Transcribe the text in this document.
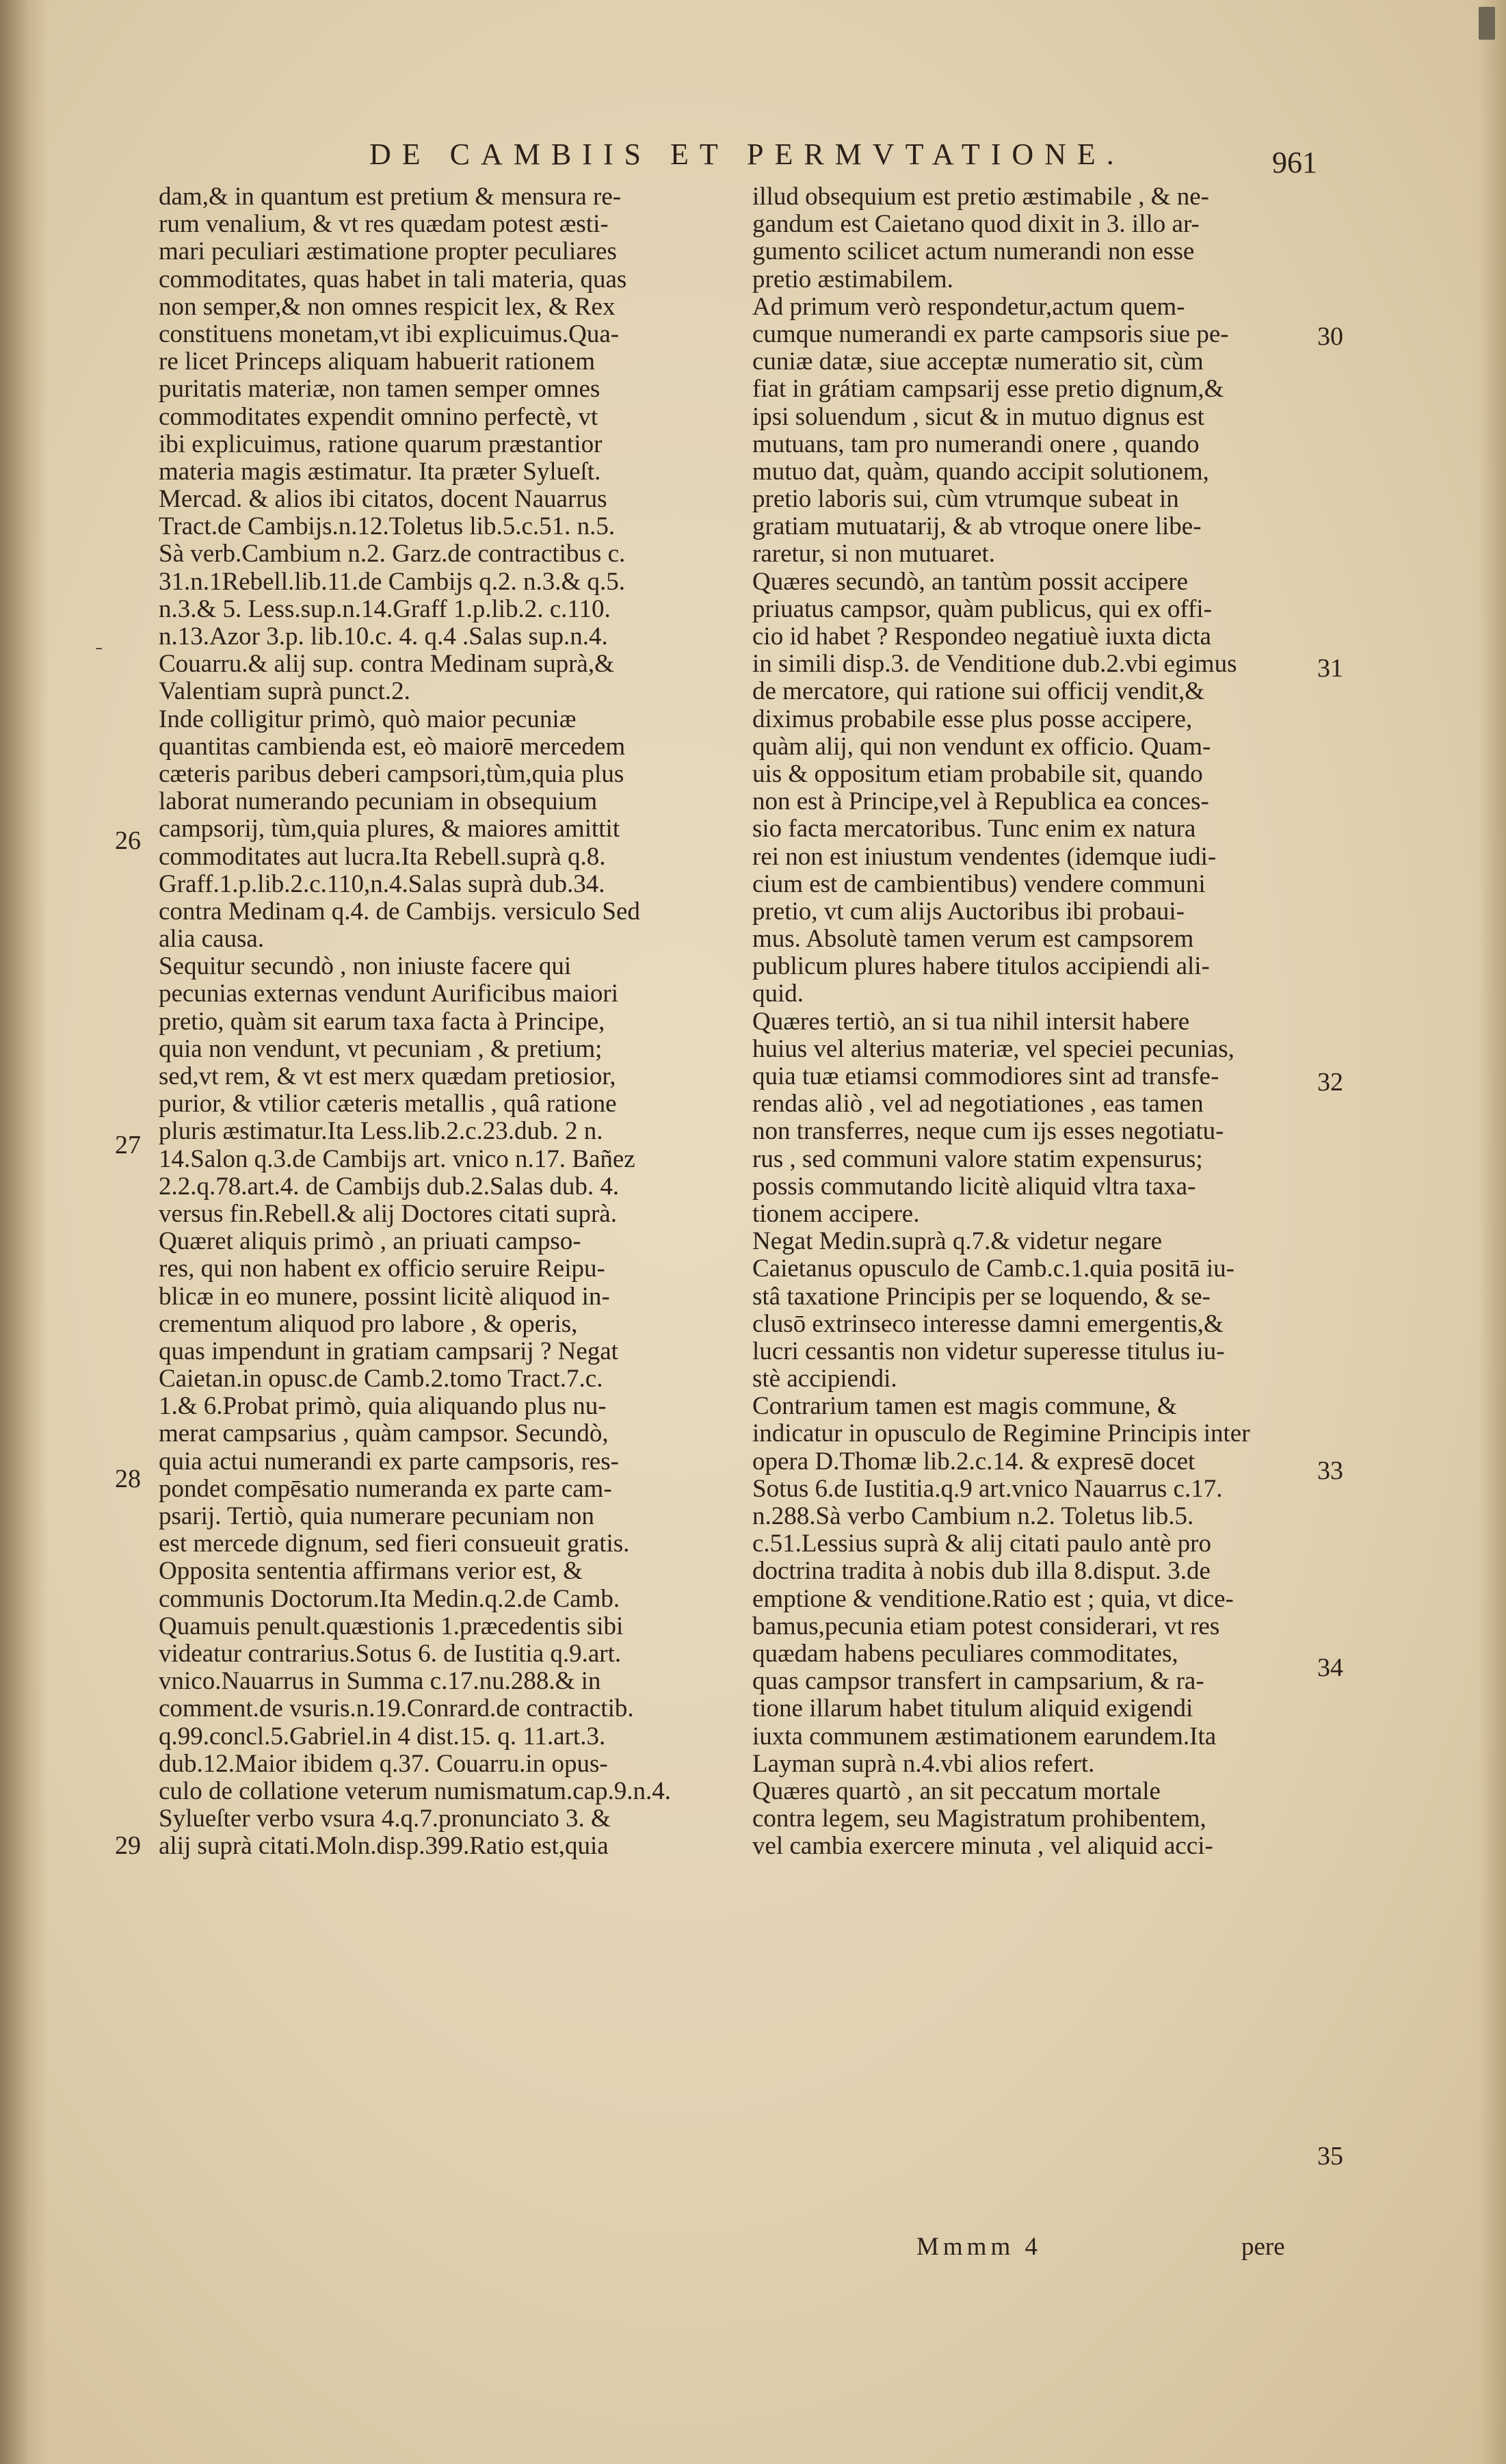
DE CAMBIIS ET PERMVTATIONE.	961
ˍ
dam,& in quantum est pretium & mensura re-
rum venalium, & vt res quædam potest æsti-
mari peculiari æstimatione propter peculiares
commoditates, quas habet in tali materia, quas
non semper,& non omnes respicit lex, & Rex
constituens monetam,vt ibi explicuimus.Qua-
re licet Princeps aliquam habuerit rationem
puritatis materiæ, non tamen semper omnes
commoditates expendit omnino perfectè, vt
ibi explicuimus, ratione quarum præstantior
materia magis æstimatur. Ita præter Sylueſt.
Mercad. & alios ibi citatos, docent Nauarrus
Tract.de Cambijs.n.12.Toletus lib.5.c.51. n.5.
Sà verb.Cambium n.2. Garz.de contractibus c.
31.n.1Rebell.lib.11.de Cambijs q.2. n.3.& q.5.
n.3.& 5. Less.sup.n.14.Graff 1.p.lib.2. c.110.
n.13.Azor 3.p. lib.10.c. 4. q.4 .Salas sup.n.4.
Couarru.& alij sup. contra Medinam suprà,&
Valentiam suprà punct.2.
Inde colligitur primò, quò maior pecuniæ
quantitas cambienda est, eò maiorē mercedem
cæteris paribus deberi campsori,tùm,quia plus
laborat numerando pecuniam in obsequium
campsorij, tùm,quia plures, & maiores amittit
commoditates aut lucra.Ita Rebell.suprà q.8.
Graff.1.p.lib.2.c.110,n.4.Salas suprà dub.34.
contra Medinam q.4. de Cambijs. versiculo Sed
alia causa.
Sequitur secundò , non iniuste facere qui
pecunias externas vendunt Aurificibus maiori
pretio, quàm sit earum taxa facta à Principe,
quia non vendunt, vt pecuniam , & pretium;
sed,vt rem, & vt est merx quædam pretiosior,
purior, & vtilior cæteris metallis , quâ ratione
pluris æstimatur.Ita Less.lib.2.c.23.dub. 2 n.
14.Salon q.3.de Cambijs art. vnico n.17. Bañez
2.2.q.78.art.4. de Cambijs dub.2.Salas dub. 4.
versus fin.Rebell.& alij Doctores citati suprà.
Quæret aliquis primò , an priuati campso-
res, qui non habent ex officio seruire Reipu-
blicæ in eo munere, possint licitè aliquod in-
crementum aliquod pro labore , & operis,
quas impendunt in gratiam campsarij ? Negat
Caietan.in opusc.de Camb.2.tomo Tract.7.c.
1.& 6.Probat primò, quia aliquando plus nu-
merat campsarius , quàm campsor. Secundò,
quia actui numerandi ex parte campsoris, res-
pondet compēsatio numeranda ex parte cam-
psarij. Tertiò, quia numerare pecuniam non
est mercede dignum, sed fieri consueuit gratis.
Opposita sententia affirmans verior est, &
communis Doctorum.Ita Medin.q.2.de Camb.
Quamuis penult.quæstionis 1.præcedentis sibi
videatur contrarius.Sotus 6. de Iustitia q.9.art.
vnico.Nauarrus in Summa c.17.nu.288.& in
comment.de vsuris.n.19.Conrard.de contractib.
q.99.concl.5.Gabriel.in 4 dist.15. q. 11.art.3.
dub.12.Maior ibidem q.37. Couarru.in opus-
culo de collatione veterum numismatum.cap.9.n.4.
Sylueſter verbo vsura 4.q.7.pronunciato 3. &
alij suprà citati.Moln.disp.399.Ratio est,quia
illud obsequium est pretio æstimabile , & ne-
gandum est Caietano quod dixit in 3. illo ar-
gumento scilicet actum numerandi non esse
pretio æstimabilem.
Ad primum verò respondetur,actum quem-
cumque numerandi ex parte campsoris siue pe-
cuniæ datæ, siue acceptæ numeratio sit, cùm
fiat in grátiam campsarij esse pretio dignum,&
ipsi soluendum , sicut & in mutuo dignus est
mutuans, tam pro numerandi onere , quando
mutuo dat, quàm, quando accipit solutionem,
pretio laboris sui, cùm vtrumque subeat in
gratiam mutuatarij, & ab vtroque onere libe-
raretur, si non mutuaret.
Quæres secundò, an tantùm possit accipere
priuatus campsor, quàm publicus, qui ex offi-
cio id habet ? Respondeo negatiuè iuxta dicta
in simili disp.3. de Venditione dub.2.vbi egimus
de mercatore, qui ratione sui officij vendit,&
diximus probabile esse plus posse accipere,
quàm alij, qui non vendunt ex officio. Quam-
uis & oppositum etiam probabile sit, quando
non est à Principe,vel à Republica ea conces-
sio facta mercatoribus. Tunc enim ex natura
rei non est iniustum vendentes (idemque iudi-
cium est de cambientibus) vendere communi
pretio, vt cum alijs Auctoribus ibi probaui-
mus. Absolutè tamen verum est campsorem
publicum plures habere titulos accipiendi ali-
quid.
Quæres tertiò, an si tua nihil intersit habere
huius vel alterius materiæ, vel speciei pecunias,
quia tuæ etiamsi commodiores sint ad transfe-
rendas aliò , vel ad negotiationes , eas tamen
non transferres, neque cum ijs esses negotiatu-
rus , sed communi valore statim expensurus;
possis commutando licitè aliquid vltra taxa-
tionem accipere.
Negat Medin.suprà q.7.& videtur negare
Caietanus opusculo de Camb.c.1.quia positā iu-
stâ taxatione Principis per se loquendo, & se-
clusō extrinseco interesse damni emergentis,&
lucri cessantis non videtur superesse titulus iu-
stè accipiendi.
Contrarium tamen est magis commune, &
indicatur in opusculo de Regimine Principis inter
opera D.Thomæ lib.2.c.14. & expresē docet
Sotus 6.de Iustitia.q.9 art.vnico Nauarrus c.17.
n.288.Sà verbo Cambium n.2. Toletus lib.5.
c.51.Lessius suprà & alij citati paulo antè pro
doctrina tradita à nobis dub illa 8.disput. 3.de
emptione & venditione.Ratio est ; quia, vt dice-
bamus,pecunia etiam potest considerari, vt res
quædam habens peculiares commoditates,
quas campsor transfert in campsarium, & ra-
tione illarum habet titulum aliquid exigendi
iuxta communem æstimationem earundem.Ita
Layman suprà n.4.vbi alios refert.
Quæres quartò , an sit peccatum mortale
contra legem, seu Magistratum prohibentem,
vel cambia exercere minuta , vel aliquid acci-
26
27
28
29
30
31
32
33
34
35
Mmmm 4	pere
